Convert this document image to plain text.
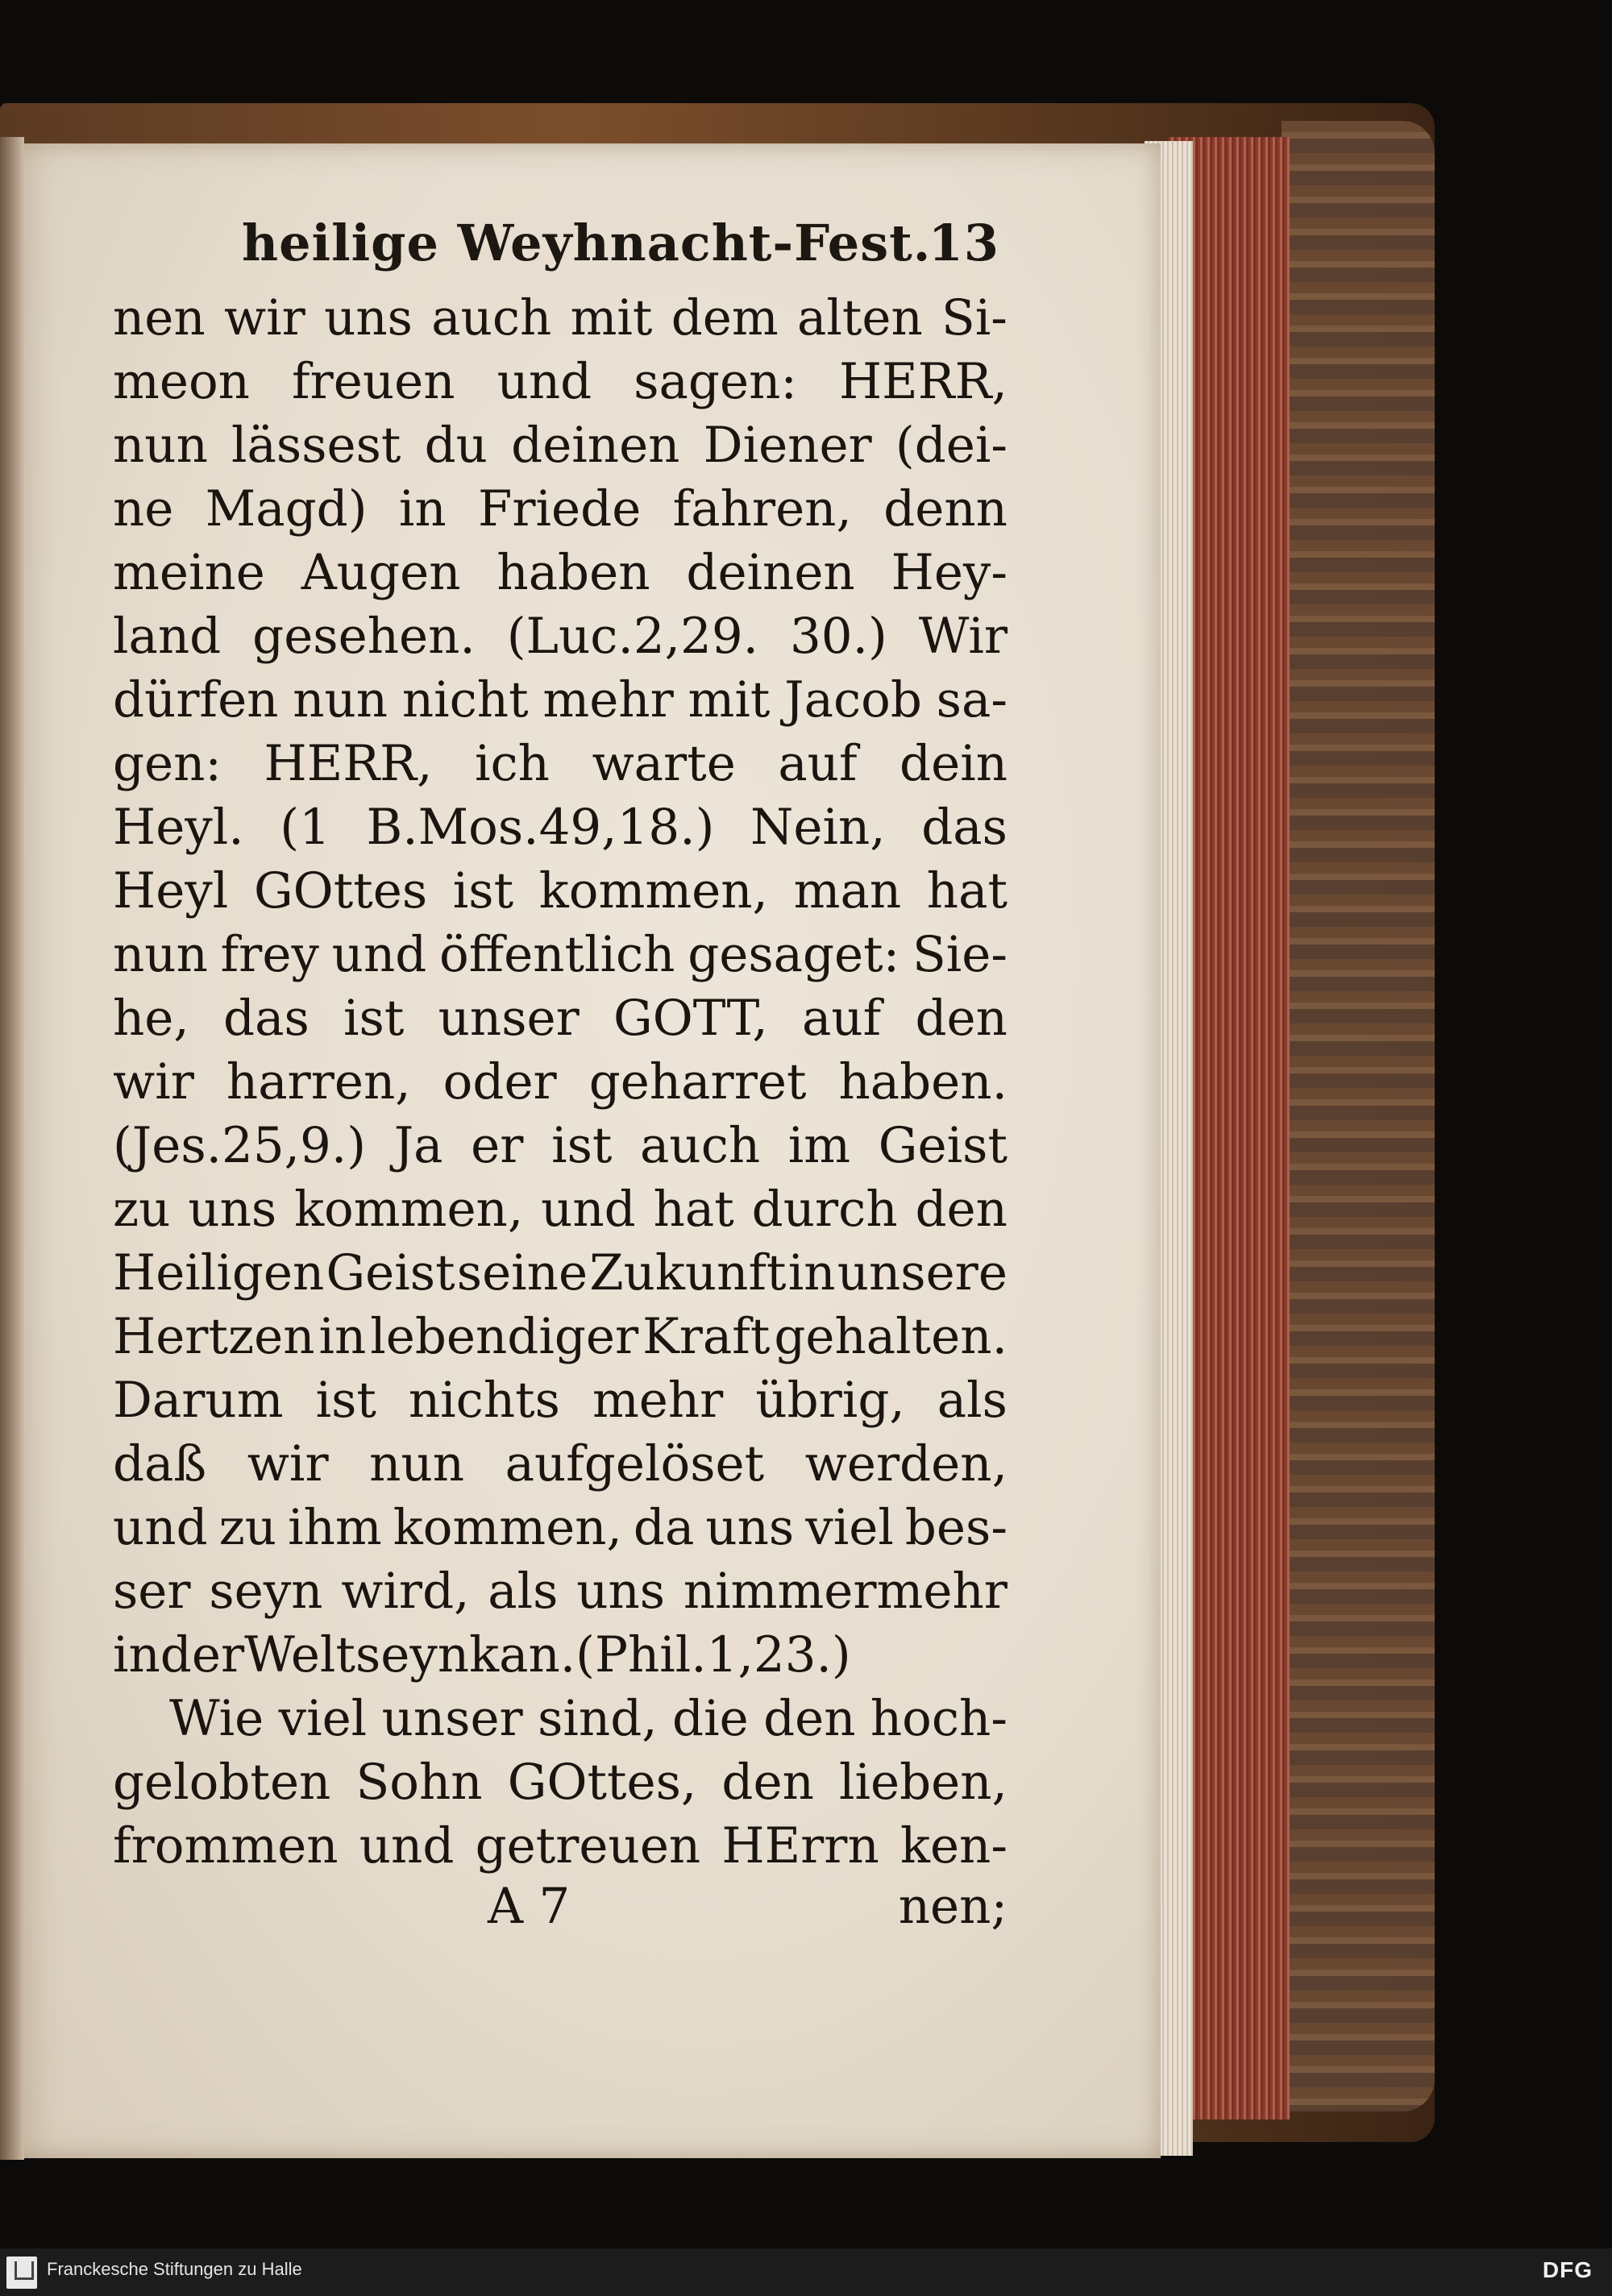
heilige Weyhnacht-Fest.
13
nen wir uns auch mit dem alten Si-
meon freuen und sagen: HERR,
nun lässest du deinen Diener (dei-
ne Magd) in Friede fahren, denn
meine Augen haben deinen Hey-
land gesehen. (Luc.2,29. 30.) Wir
dürfen nun nicht mehr mit Jacob sa-
gen: HERR, ich warte auf dein
Heyl. (1 B.Mos.49,18.) Nein, das
Heyl GOttes ist kommen, man hat
nun frey und öffentlich gesaget: Sie-
he, das ist unser GOTT, auf den
wir harren, oder geharret haben.
(Jes.25,9.) Ja er ist auch im Geist
zu uns kommen, und hat durch den
Heiligen Geist seine Zukunft in unsere
Hertzen in lebendiger Kraft gehalten.
Darum ist nichts mehr übrig, als
daß wir nun aufgelöset werden,
und zu ihm kommen, da uns viel bes-
ser seyn wird, als uns nimmermehr
in der Welt seyn kan. (Phil.1,23.)
Wie viel unser sind, die den hoch-
gelobten Sohn GOttes, den lieben,
frommen und getreuen HErrn ken-
A 7	nen;
Franckesche Stiftungen zu Halle	DFG
